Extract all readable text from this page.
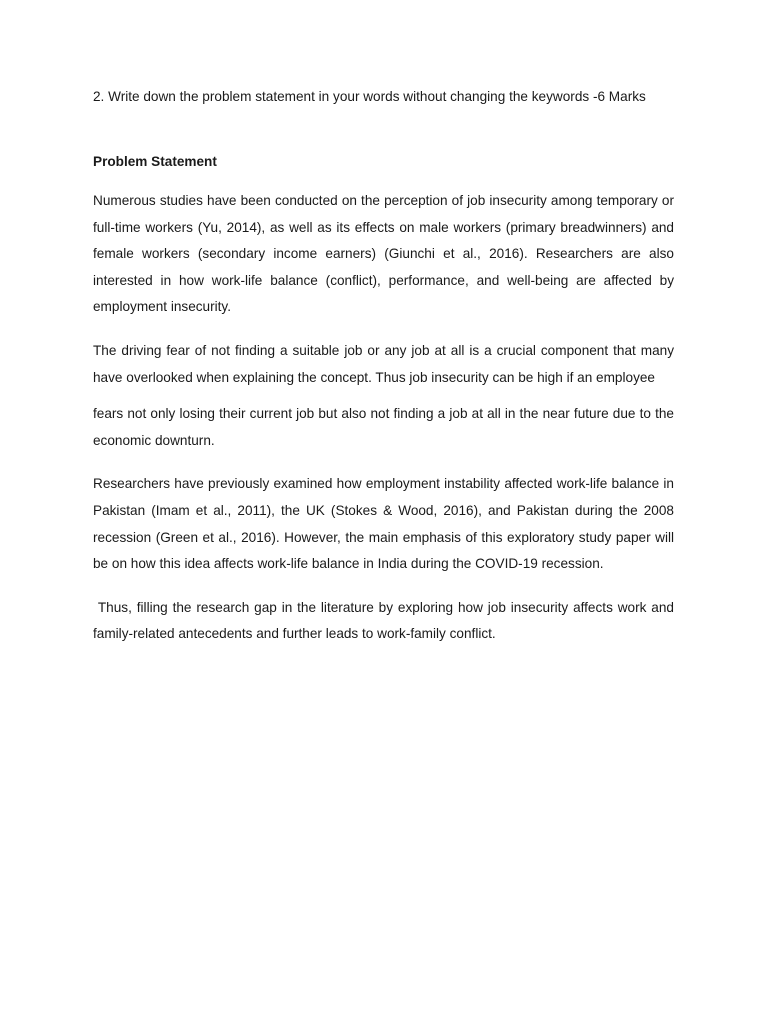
2. Write down the problem statement in your words without changing the keywords -6 Marks

Problem Statement

Numerous studies have been conducted on the perception of job insecurity among temporary or full-time workers (Yu, 2014), as well as its effects on male workers (primary breadwinners) and female workers (secondary income earners) (Giunchi et al., 2016). Researchers are also interested in how work-life balance (conflict), performance, and well-being are affected by employment insecurity.

The driving fear of not finding a suitable job or any job at all is a crucial component that many have overlooked when explaining the concept. Thus job insecurity can be high if an employee

fears not only losing their current job but also not finding a job at all in the near future due to the economic downturn.

Researchers have previously examined how employment instability affected work-life balance in Pakistan (Imam et al., 2011), the UK (Stokes & Wood, 2016), and Pakistan during the 2008 recession (Green et al., 2016). However, the main emphasis of this exploratory study paper will be on how this idea affects work-life balance in India during the COVID-19 recession.

Thus, filling the research gap in the literature by exploring how job insecurity affects work and family-related antecedents and further leads to work-family conflict.
